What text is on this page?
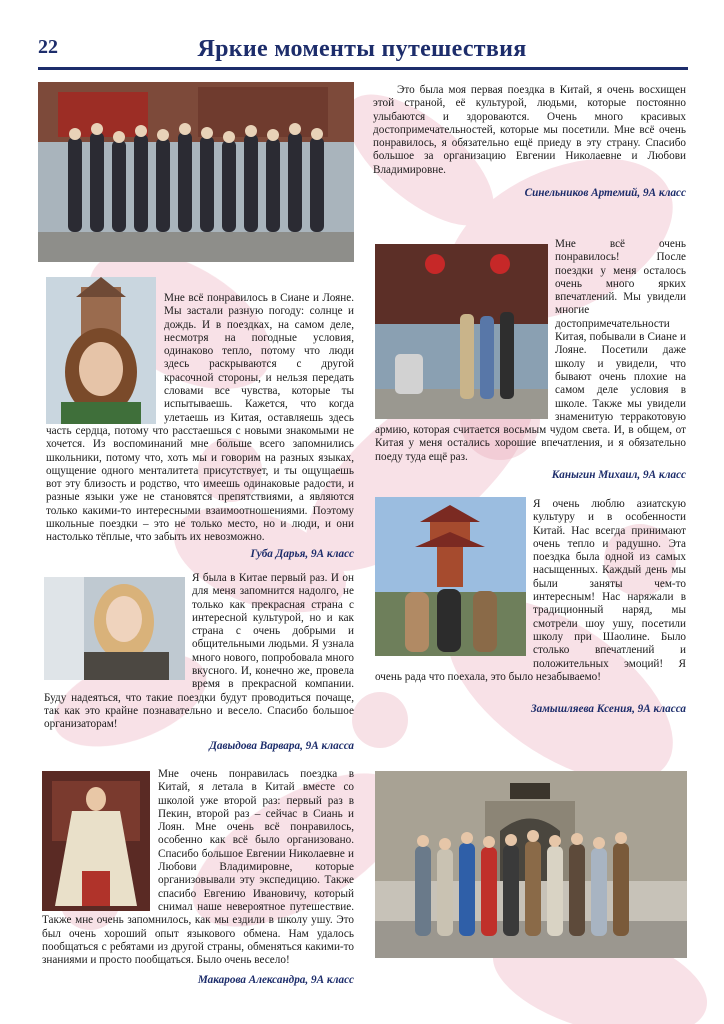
22	Яркие моменты путешествия

Это была моя первая поездка в Китай, я очень восхищен этой страной, её культурой, людьми, которые постоянно улыбаются и здороваются. Очень много красивых достопримечательностей, которые мы посетили. Мне всё очень понравилось, я обязательно ещё приеду в эту страну. Спасибо большое за организацию Евгении Николаевне и Любови Владимировне.

Синельников Артемий, 9А класс

Мне всё понравилось в Сиане и Лояне. Мы застали разную погоду: солнце и дождь. И в поездках, на самом деле, несмотря на погодные условия, одинаково тепло, потому что люди здесь раскрываются с другой красочной стороны, и нельзя передать словами все чувства, которые ты испытываешь. Кажется, что когда улетаешь из Китая, оставляешь здесь часть сердца, потому что расстаешься с новыми знакомыми не хочется. Из воспоминаний мне больше всего запомнились школьники, потому что, хоть мы и говорим на разных языках, ощущение одного менталитета присутствует, и ты ощущаешь вот эту близость и родство, что имеешь одинаковые радости, и разные языки уже не становятся препятствиями, а являются только какими-то интересными взаимоотношениями. Поэтому школьные поездки – это не только место, но и люди, и они настолько тёплые, что забыть их невозможно.

Губа Дарья, 9А класс

Мне всё очень понравилось! После поездки у меня осталось очень много ярких впечатлений. Мы увидели многие достопримечательности Китая, побывали в Сиане и Лояне. Посетили даже школу и увидели, что бывают очень плохие на самом деле условия в школе. Также мы увидели знаменитую терракотовую армию, которая считается восьмым чудом света. И, в общем, от Китая у меня остались хорошие впечатления, и я обязательно поеду туда ещё раз.

Каныгин Михаил, 9А класс

Я была в Китае первый раз. И он для меня запомнится надолго, не только как прекрасная страна с интересной культурой, но и как страна с очень добрыми и общительными людьми. Я узнала много нового, попробовала много вкусного. И, конечно же, провела время в прекрасной компании. Буду надеяться, что такие поездки будут проводиться почаще, так как это крайне познавательно и весело. Спасибо большое организаторам!

Давыдова Варвара, 9А класса

Я очень люблю азиатскую культуру и в особенности Китай. Нас всегда принимают очень тепло и радушно. Эта поездка была одной из самых насыщенных. Каждый день мы были заняты чем-то интересным! Нас наряжали в традиционный наряд, мы смотрели шоу ушу, посетили школу при Шаолине. Было столько впечатлений и положительных эмоций! Я очень рада что поехала, это было незабываемо!

Замышляева Ксения, 9А класса

Мне очень понравилась поездка в Китай, я летала в Китай вместе со школой уже второй раз: первый раз в Пекин, второй раз – сейчас в Сиань и Лоян. Мне очень всё понравилось, особенно как всё было организовано. Спасибо большое Евгении Николаевне и Любови Владимировне, которые организовывали эту экспедицию. Также спасибо Евгению Ивановичу, который снимал наше невероятное путешествие. Также мне очень запомнилось, как мы ездили в школу ушу. Это был очень хороший опыт языкового обмена. Нам удалось пообщаться с ребятами из другой страны, обменяться какими-то знаниями и просто пообщаться. Было очень весело!

Макарова Александра, 9А класс
